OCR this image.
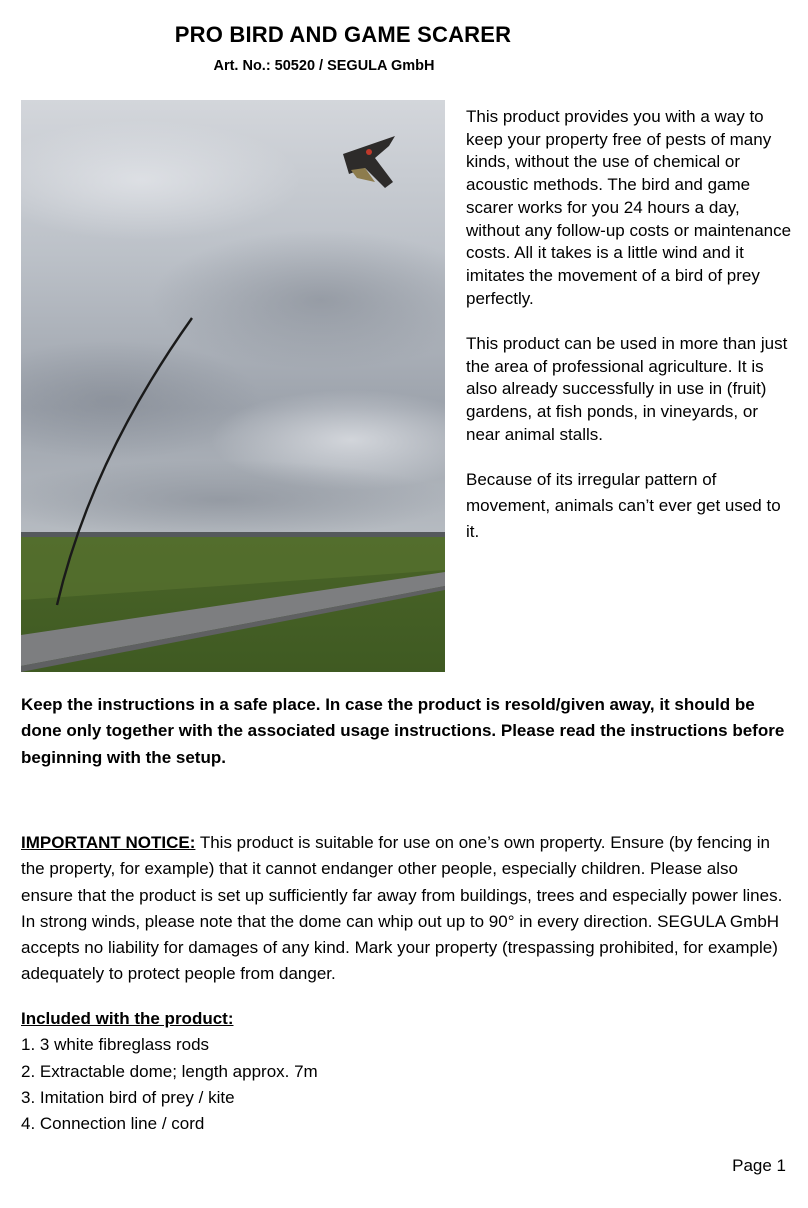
PRO BIRD AND GAME SCARER
Art. No.: 50520 / SEGULA GmbH

This product provides you with a way to keep your property free of pests of many kinds, without the use of chemical or acoustic methods. The bird and game scarer works for you 24 hours a day, without any follow-up costs or maintenance costs. All it takes is a little wind and it imitates the movement of a bird of prey perfectly.

This product can be used in more than just the area of professional agriculture. It is also already successfully in use in (fruit) gardens, at fish ponds, in vineyards, or near animal stalls.

Because of its irregular pattern of movement, animals can’t ever get used to it.

Keep the instructions in a safe place. In case the product is resold/given away, it should be done only together with the associated usage instructions. Please read the instructions before beginning with the setup.

IMPORTANT NOTICE: This product is suitable for use on one’s own property. Ensure (by fencing in the property, for example) that it cannot endanger other people, especially children. Please also ensure that the product is set up sufficiently far away from buildings, trees and especially power lines. In strong winds, please note that the dome can whip out up to 90° in every direction. SEGULA GmbH accepts no liability for damages of any kind. Mark your property (trespassing prohibited, for example) adequately to protect people from danger.

Included with the product:
1. 3 white fibreglass rods
2. Extractable dome; length approx. 7m
3. Imitation bird of prey / kite
4. Connection line / cord
Page 1
